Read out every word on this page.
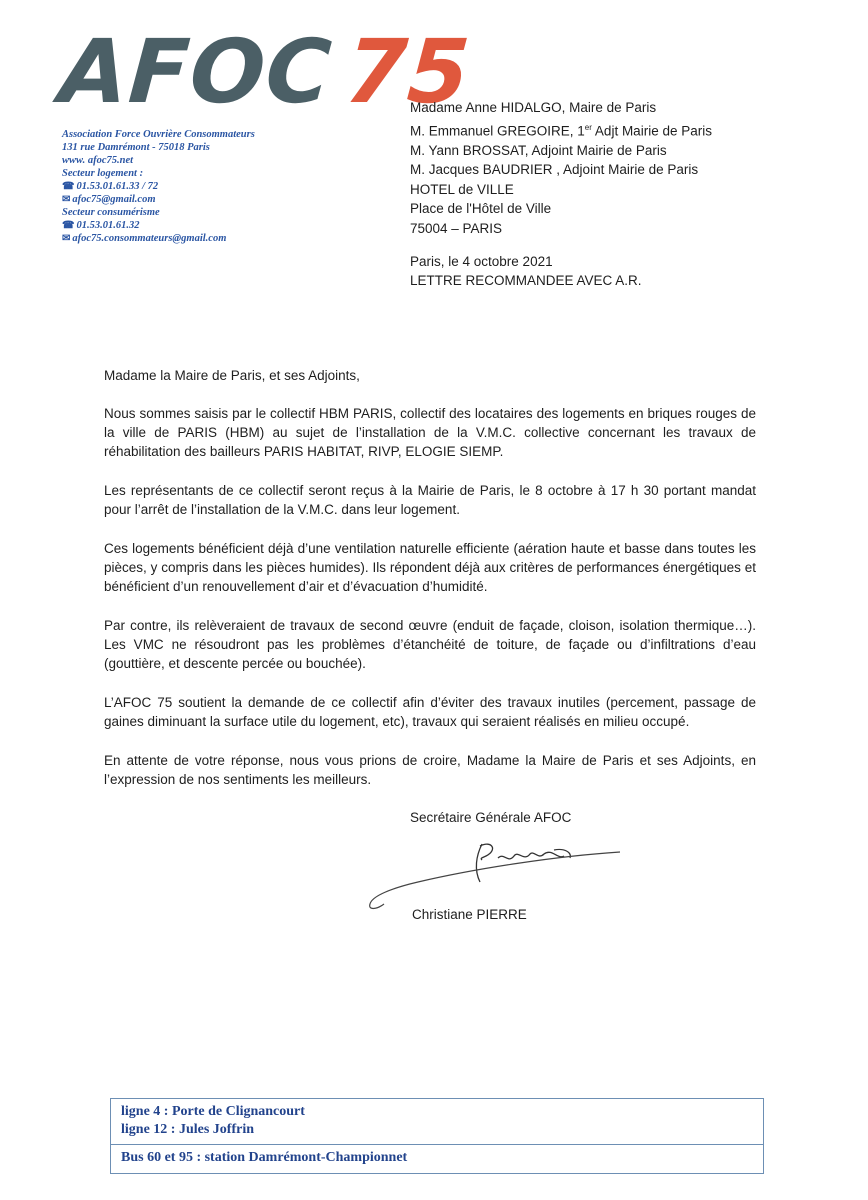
AFOC75
Association Force Ouvrière Consommateurs
131 rue Damrémont - 75018 Paris
www. afoc75.net
Secteur logement :
☎ 01.53.01.61.33 / 72
✉ afoc75@gmail.com
Secteur consumérisme
☎ 01.53.01.61.32
✉ afoc75.consommateurs@gmail.com
Madame Anne HIDALGO, Maire de Paris
M. Emmanuel GREGOIRE, 1er Adjt Mairie de Paris
M. Yann BROSSAT, Adjoint Mairie de Paris
M. Jacques BAUDRIER , Adjoint Mairie de Paris
HOTEL de VILLE
Place de l'Hôtel de Ville
75004 – PARIS
Paris, le 4 octobre 2021
LETTRE RECOMMANDEE AVEC A.R.

Madame la Maire de Paris, et ses Adjoints,

Nous sommes saisis par le collectif HBM PARIS, collectif des locataires des logements en briques rouges de la ville de PARIS (HBM) au sujet de l’installation de la V.M.C. collective concernant les travaux de réhabilitation des bailleurs PARIS HABITAT, RIVP, ELOGIE SIEMP.

Les représentants de ce collectif seront reçus à la Mairie de Paris, le 8 octobre à 17 h 30 portant mandat pour l’arrêt de l’installation de la V.M.C. dans leur logement.

Ces logements bénéficient déjà d’une ventilation naturelle efficiente (aération haute et basse dans toutes les pièces, y compris dans les pièces humides). Ils répondent déjà aux critères de performances énergétiques et bénéficient d’un renouvellement d’air et d’évacuation d’humidité.

Par contre, ils relèveraient de travaux de second œuvre (enduit de façade, cloison, isolation thermique…). Les VMC ne résoudront pas les problèmes d’étanchéité de toiture, de façade ou d’infiltrations d’eau (gouttière, et descente percée ou bouchée).

L’AFOC 75 soutient la demande de ce collectif afin d’éviter des travaux inutiles (percement, passage de gaines diminuant la surface utile du logement, etc), travaux qui seraient réalisés en milieu occupé.

En attente de votre réponse, nous vous prions de croire, Madame la Maire de Paris et ses Adjoints, en l’expression de nos sentiments les meilleurs.

Secrétaire Générale AFOC
Christiane PIERRE
ligne 4 : Porte de Clignancourt
ligne 12 : Jules Joffrin
Bus 60 et 95 : station Damrémont-Championnet
